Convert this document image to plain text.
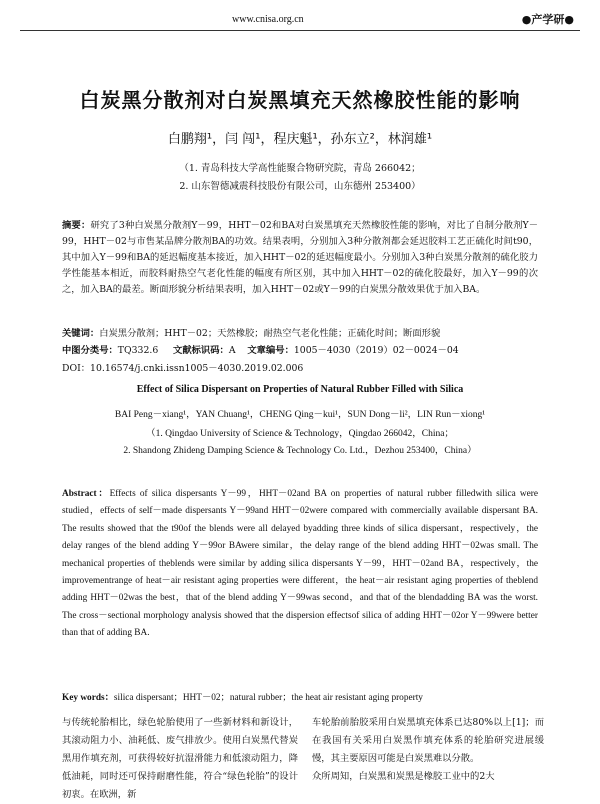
www.cnisa.org.cn	●产学研●
白炭黑分散剂对白炭黑填充天然橡胶性能的影响
白鹏翔¹，闫 闯¹，程庆魁¹，孙东立²，林润雄¹
（1. 青岛科技大学高性能聚合物研究院，青岛 266042；
2. 山东智德减震科技股份有限公司，山东德州 253400）
摘要：研究了3种白炭黑分散剂Y－99，HHT－02和BA对白炭黑填充天然橡胶性能的影响，对比了自制分散剂Y－99，HHT－02与市售某品牌分散剂BA的功效。结果表明，分别加入3种分散剂都会延迟胶料工艺正硫化时间t90，其中加入Y－99和BA的延迟幅度基本接近，加入HHT－02的延迟幅度最小。分别加入3种白炭黑分散剂的硫化胶力学性能基本相近，而胶料耐热空气老化性能的幅度有所区别，其中加入HHT－02的硫化胶最好，加入Y－99的次之，加入BA的最差。断面形貌分析结果表明，加入HHT－02或Y－99的白炭黑分散效果优于加入BA。
关键词：白炭黑分散剂；HHT－02；天然橡胶；耐热空气老化性能；正硫化时间；断面形貌
中图分类号：TQ332.6 文献标识码：A 文章编号：1005－4030（2019）02－0024－04
DOI：10.16574/j.cnki.issn1005－4030.2019.02.006
Effect of Silica Dispersant on Properties of Natural Rubber Filled with Silica
BAI Peng－xiang¹，YAN Chuang¹，CHENG Qing－kui¹，SUN Dong－li²，LIN Run－xiong¹
（1. Qingdao University of Science & Technology，Qingdao 266042，China；
2. Shandong Zhideng Damping Science & Technology Co. Ltd.，Dezhou 253400，China）
Abstract：Effects of silica dispersants Y－99，HHT－02and BA on properties of natural rubber filledwith silica were studied，effects of self－made dispersants Y－99and HHT－02were compared with commercially available dispersant BA. The results showed that the t90of the blends were all delayed byadding three kinds of silica dispersant，respectively，the delay ranges of the blend adding Y－99or BAwere similar，the delay range of the blend adding HHT－02was small. The mechanical properties of theblends were similar by adding silica dispersants Y－99，HHT－02and BA，respectively，the improvementrange of heat－air resistant aging properties were different，the heat－air resistant aging properties of theblend adding HHT－02was the best，that of the blend adding Y－99was second，and that of the blendadding BA was the worst. The cross－sectional morphology analysis showed that the dispersion effectsof silica of adding HHT－02or Y－99were better than that of adding BA.
Key words：silica dispersant；HHT－02；natural rubber；the heat air resistant aging property
与传统轮胎相比，绿色轮胎使用了一些新材料和新设计，其滚动阻力小、油耗低、废气排放少。使用白炭黑代替炭黑用作填充剂，可获得较好抗湿滑能力和低滚动阻力，降低油耗，同时还可保持耐磨性能，符合“绿色轮胎”的设计初衷。在欧洲，新
车轮胎前胎胶采用白炭黑填充体系已达80%以上[1]；而在我国有关采用白炭黑作填充体系的轮胎研究进展缓慢，其主要原因可能是白炭黑难以分散。
众所周知，白炭黑和炭黑是橡胶工业中的2大
